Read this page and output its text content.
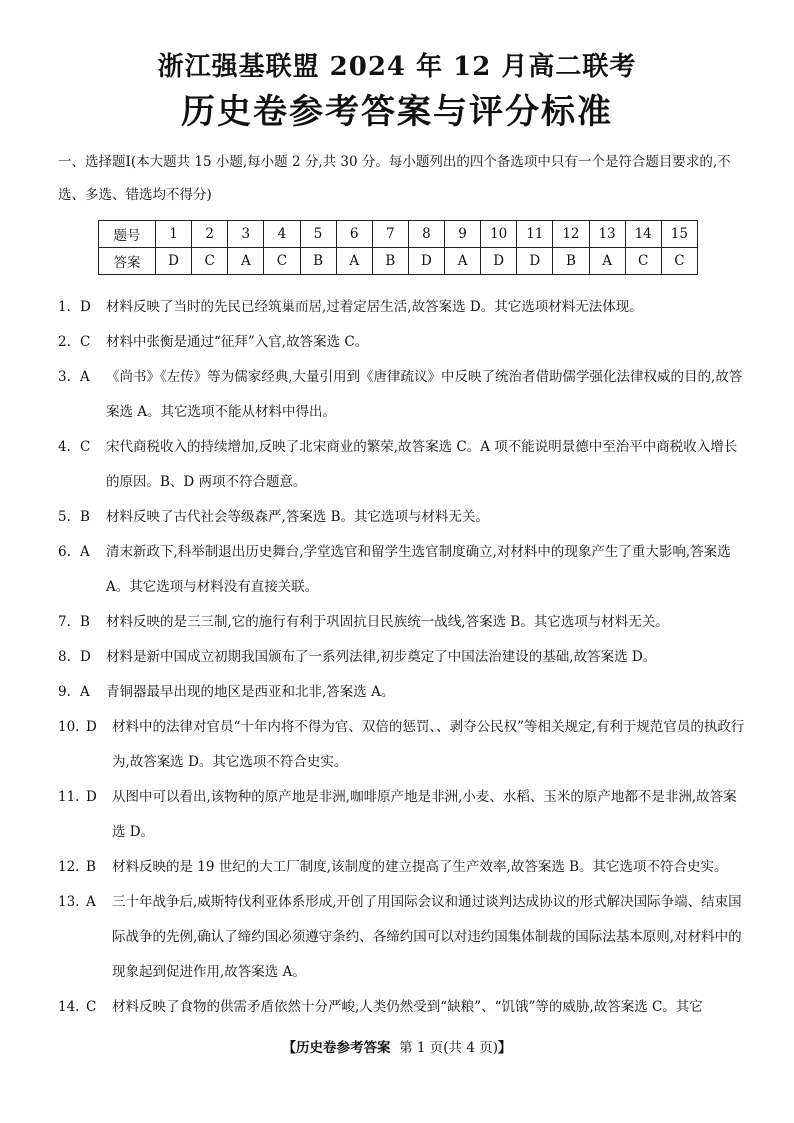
浙江强基联盟 2024 年 12 月高二联考
历史卷参考答案与评分标准
一、选择题Ⅰ(本大题共 15 小题,每小题 2 分,共 30 分。每小题列出的四个备选项中只有一个是符合题目要求的,不选、多选、错选均不得分)
题号	1	2	3	4	5	6	7	8	9	10	11	12	13	14	15
答案	D	C	A	C	B	A	B	D	A	D	D	B	A	C	C
1. D	材料反映了当时的先民已经筑巢而居,过着定居生活,故答案选 D。其它选项材料无法体现。
2. C	材料中张衡是通过“征拜”入官,故答案选 C。
3. A	《尚书》《左传》等为儒家经典,大量引用到《唐律疏议》中反映了统治者借助儒学强化法律权威的目的,故答案选 A。其它选项不能从材料中得出。
4. C	宋代商税收入的持续增加,反映了北宋商业的繁荣,故答案选 C。A 项不能说明景德中至治平中商税收入增长的原因。B、D 两项不符合题意。
5. B	材料反映了古代社会等级森严,答案选 B。其它选项与材料无关。
6. A	清末新政下,科举制退出历史舞台,学堂选官和留学生选官制度确立,对材料中的现象产生了重大影响,答案选 A。其它选项与材料没有直接关联。
7. B	材料反映的是三三制,它的施行有利于巩固抗日民族统一战线,答案选 B。其它选项与材料无关。
8. D	材料是新中国成立初期我国颁布了一系列法律,初步奠定了中国法治建设的基础,故答案选 D。
9. A	青铜器最早出现的地区是西亚和北非,答案选 A。
10. D	材料中的法律对官员“十年内将不得为官、双倍的惩罚、、剥夺公民权”等相关规定,有利于规范官员的执政行为,故答案选 D。其它选项不符合史实。
11. D	从图中可以看出,该物种的原产地是非洲,咖啡原产地是非洲,小麦、水稻、玉米的原产地都不是非洲,故答案选 D。
12. B	材料反映的是 19 世纪的大工厂制度,该制度的建立提高了生产效率,故答案选 B。其它选项不符合史实。
13. A	三十年战争后,威斯特伐利亚体系形成,开创了用国际会议和通过谈判达成协议的形式解决国际争端、结束国际战争的先例,确认了缔约国必须遵守条约、各缔约国可以对违约国集体制裁的国际法基本原则,对材料中的现象起到促进作用,故答案选 A。
14. C	材料反映了食物的供需矛盾依然十分严峻,人类仍然受到“缺粮”、“饥饿”等的威胁,故答案选 C。其它
【历史卷参考答案 第 1 页(共 4 页)】
